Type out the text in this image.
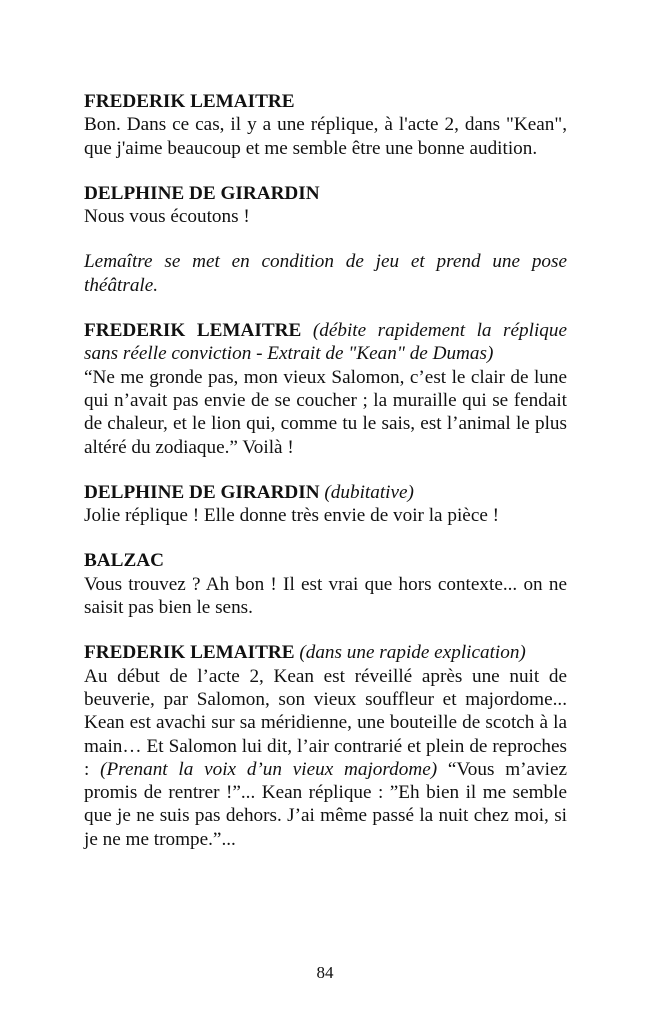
FREDERIK LEMAITRE

Bon. Dans ce cas, il y a une réplique, à l'acte 2, dans "Kean", que j'aime beaucoup et me semble être une bonne audition.

DELPHINE DE GIRARDIN

Nous vous écoutons !

Lemaître se met en condition de jeu et prend une pose théâtrale.

FREDERIK LEMAITRE (débite rapidement la réplique sans réelle conviction - Extrait de "Kean" de Dumas)

“Ne me gronde pas, mon vieux Salomon, c’est le clair de lune qui n’avait pas envie de se coucher ; la muraille qui se fendait de chaleur, et le lion qui, comme tu le sais, est l’animal le plus altéré du zodiaque.” Voilà !

DELPHINE DE GIRARDIN (dubitative)

Jolie réplique ! Elle donne très envie de voir la pièce !

BALZAC

Vous trouvez ? Ah bon ! Il est vrai que hors contexte... on ne saisit pas bien le sens.

FREDERIK LEMAITRE (dans une rapide explication)

Au début de l’acte 2, Kean est réveillé après une nuit de beuverie, par Salomon, son vieux souffleur et majordome... Kean est avachi sur sa méridienne, une bouteille de scotch à la main… Et Salomon lui dit, l’air contrarié et plein de reproches : (Prenant la voix d’un vieux majordome) “Vous m’aviez promis de rentrer !”... Kean réplique : ”Eh bien il me semble que je ne suis pas dehors. J’ai même passé la nuit chez moi, si je ne me trompe.”...

84
